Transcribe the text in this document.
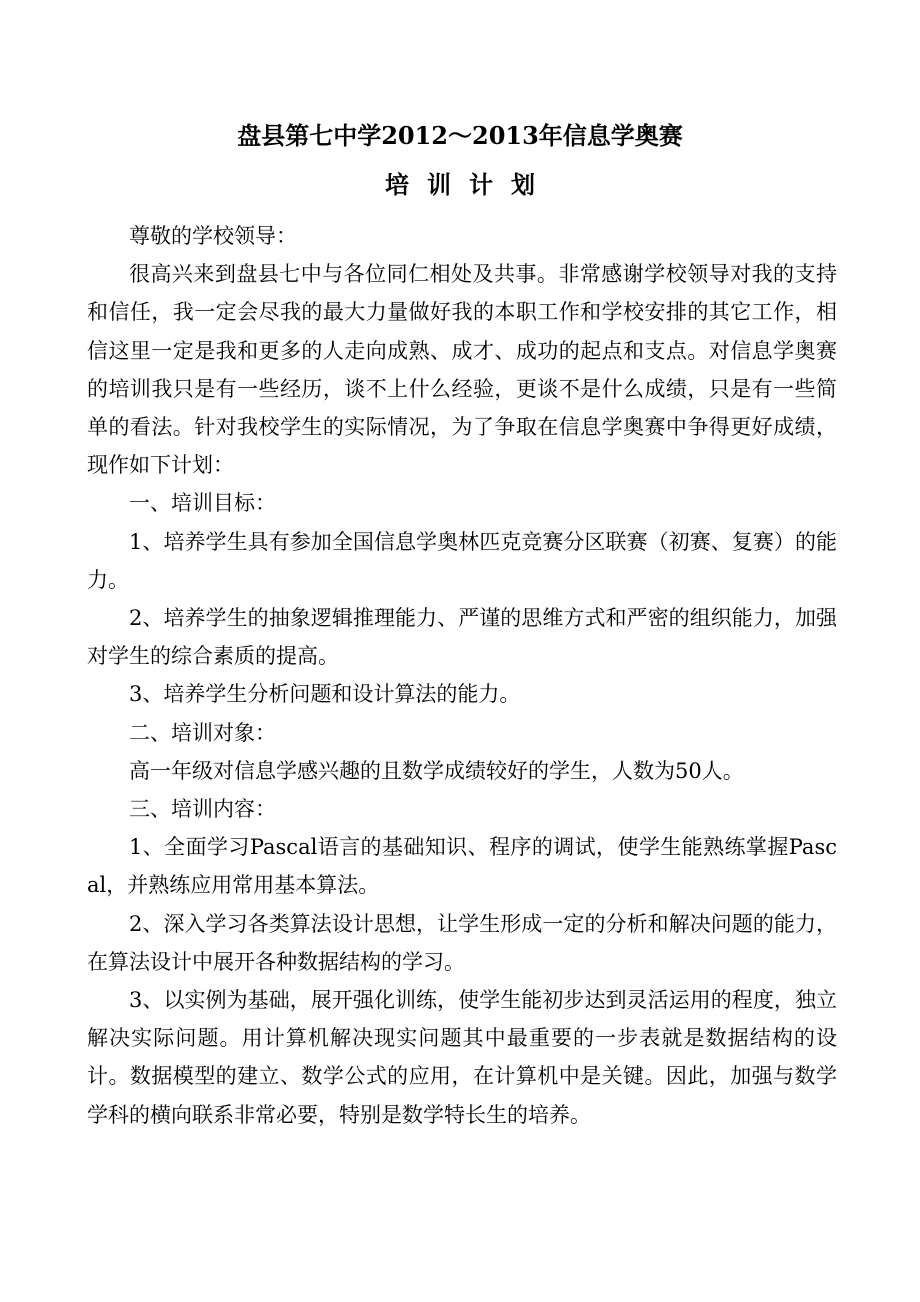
盘县第七中学2012～2013年信息学奥赛
培训计划

尊敬的学校领导：

很高兴来到盘县七中与各位同仁相处及共事。非常感谢学校领导对我的支持和信任，我一定会尽我的最大力量做好我的本职工作和学校安排的其它工作，相信这里一定是我和更多的人走向成熟、成才、成功的起点和支点。对信息学奥赛的培训我只是有一些经历，谈不上什么经验，更谈不是什么成绩，只是有一些简单的看法。针对我校学生的实际情况，为了争取在信息学奥赛中争得更好成绩，现作如下计划：

一、培训目标：

1、培养学生具有参加全国信息学奥林匹克竞赛分区联赛（初赛、复赛）的能力。

2、培养学生的抽象逻辑推理能力、严谨的思维方式和严密的组织能力，加强对学生的综合素质的提高。

3、培养学生分析问题和设计算法的能力。

二、培训对象：

高一年级对信息学感兴趣的且数学成绩较好的学生，人数为50人。

三、培训内容：

1、全面学习Pascal语言的基础知识、程序的调试，使学生能熟练掌握Pascal，并熟练应用常用基本算法。

2、深入学习各类算法设计思想，让学生形成一定的分析和解决问题的能力，在算法设计中展开各种数据结构的学习。

3、以实例为基础，展开强化训练，使学生能初步达到灵活运用的程度，独立解决实际问题。用计算机解决现实问题其中最重要的一步表就是数据结构的设计。数据模型的建立、数学公式的应用，在计算机中是关键。因此，加强与数学学科的横向联系非常必要，特别是数学特长生的培养。
